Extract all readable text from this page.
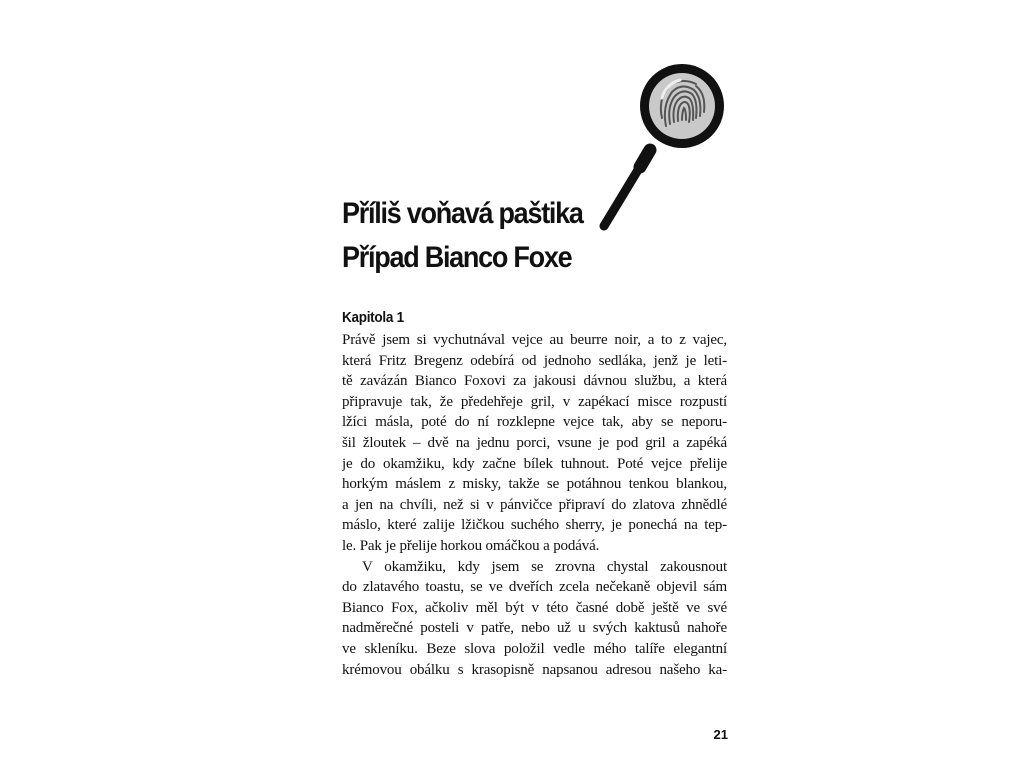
Příliš voňavá paštika
Případ Bianco Foxe
Kapitola 1
Právě jsem si vychutnával vejce au beurre noir, a to z vajec,
která Fritz Bregenz odebírá od jednoho sedláka, jenž je leti-
tě zavázán Bianco Foxovi za jakousi dávnou službu, a která
připravuje tak, že předehřeje gril, v zapékací misce rozpustí
lžíci másla, poté do ní rozklepne vejce tak, aby se neporu-
šil žloutek – dvě na jednu porci, vsune je pod gril a zapéká
je do okamžiku, kdy začne bílek tuhnout. Poté vejce přelije
horkým máslem z misky, takže se potáhnou tenkou blankou,
a jen na chvíli, než si v pánvičce připraví do zlatova zhnědlé
máslo, které zalije lžičkou suchého sherry, je ponechá na tep-
le. Pak je přelije horkou omáčkou a podává.
V okamžiku, kdy jsem se zrovna chystal zakousnout
do zlatavého toastu, se ve dveřích zcela nečekaně objevil sám
Bianco Fox, ačkoliv měl být v této časné době ještě ve své
nadměrečné posteli v patře, nebo už u svých kaktusů nahoře
ve skleníku. Beze slova položil vedle mého talíře elegantní
krémovou obálku s krasopisně napsanou adresou našeho ka-
21
